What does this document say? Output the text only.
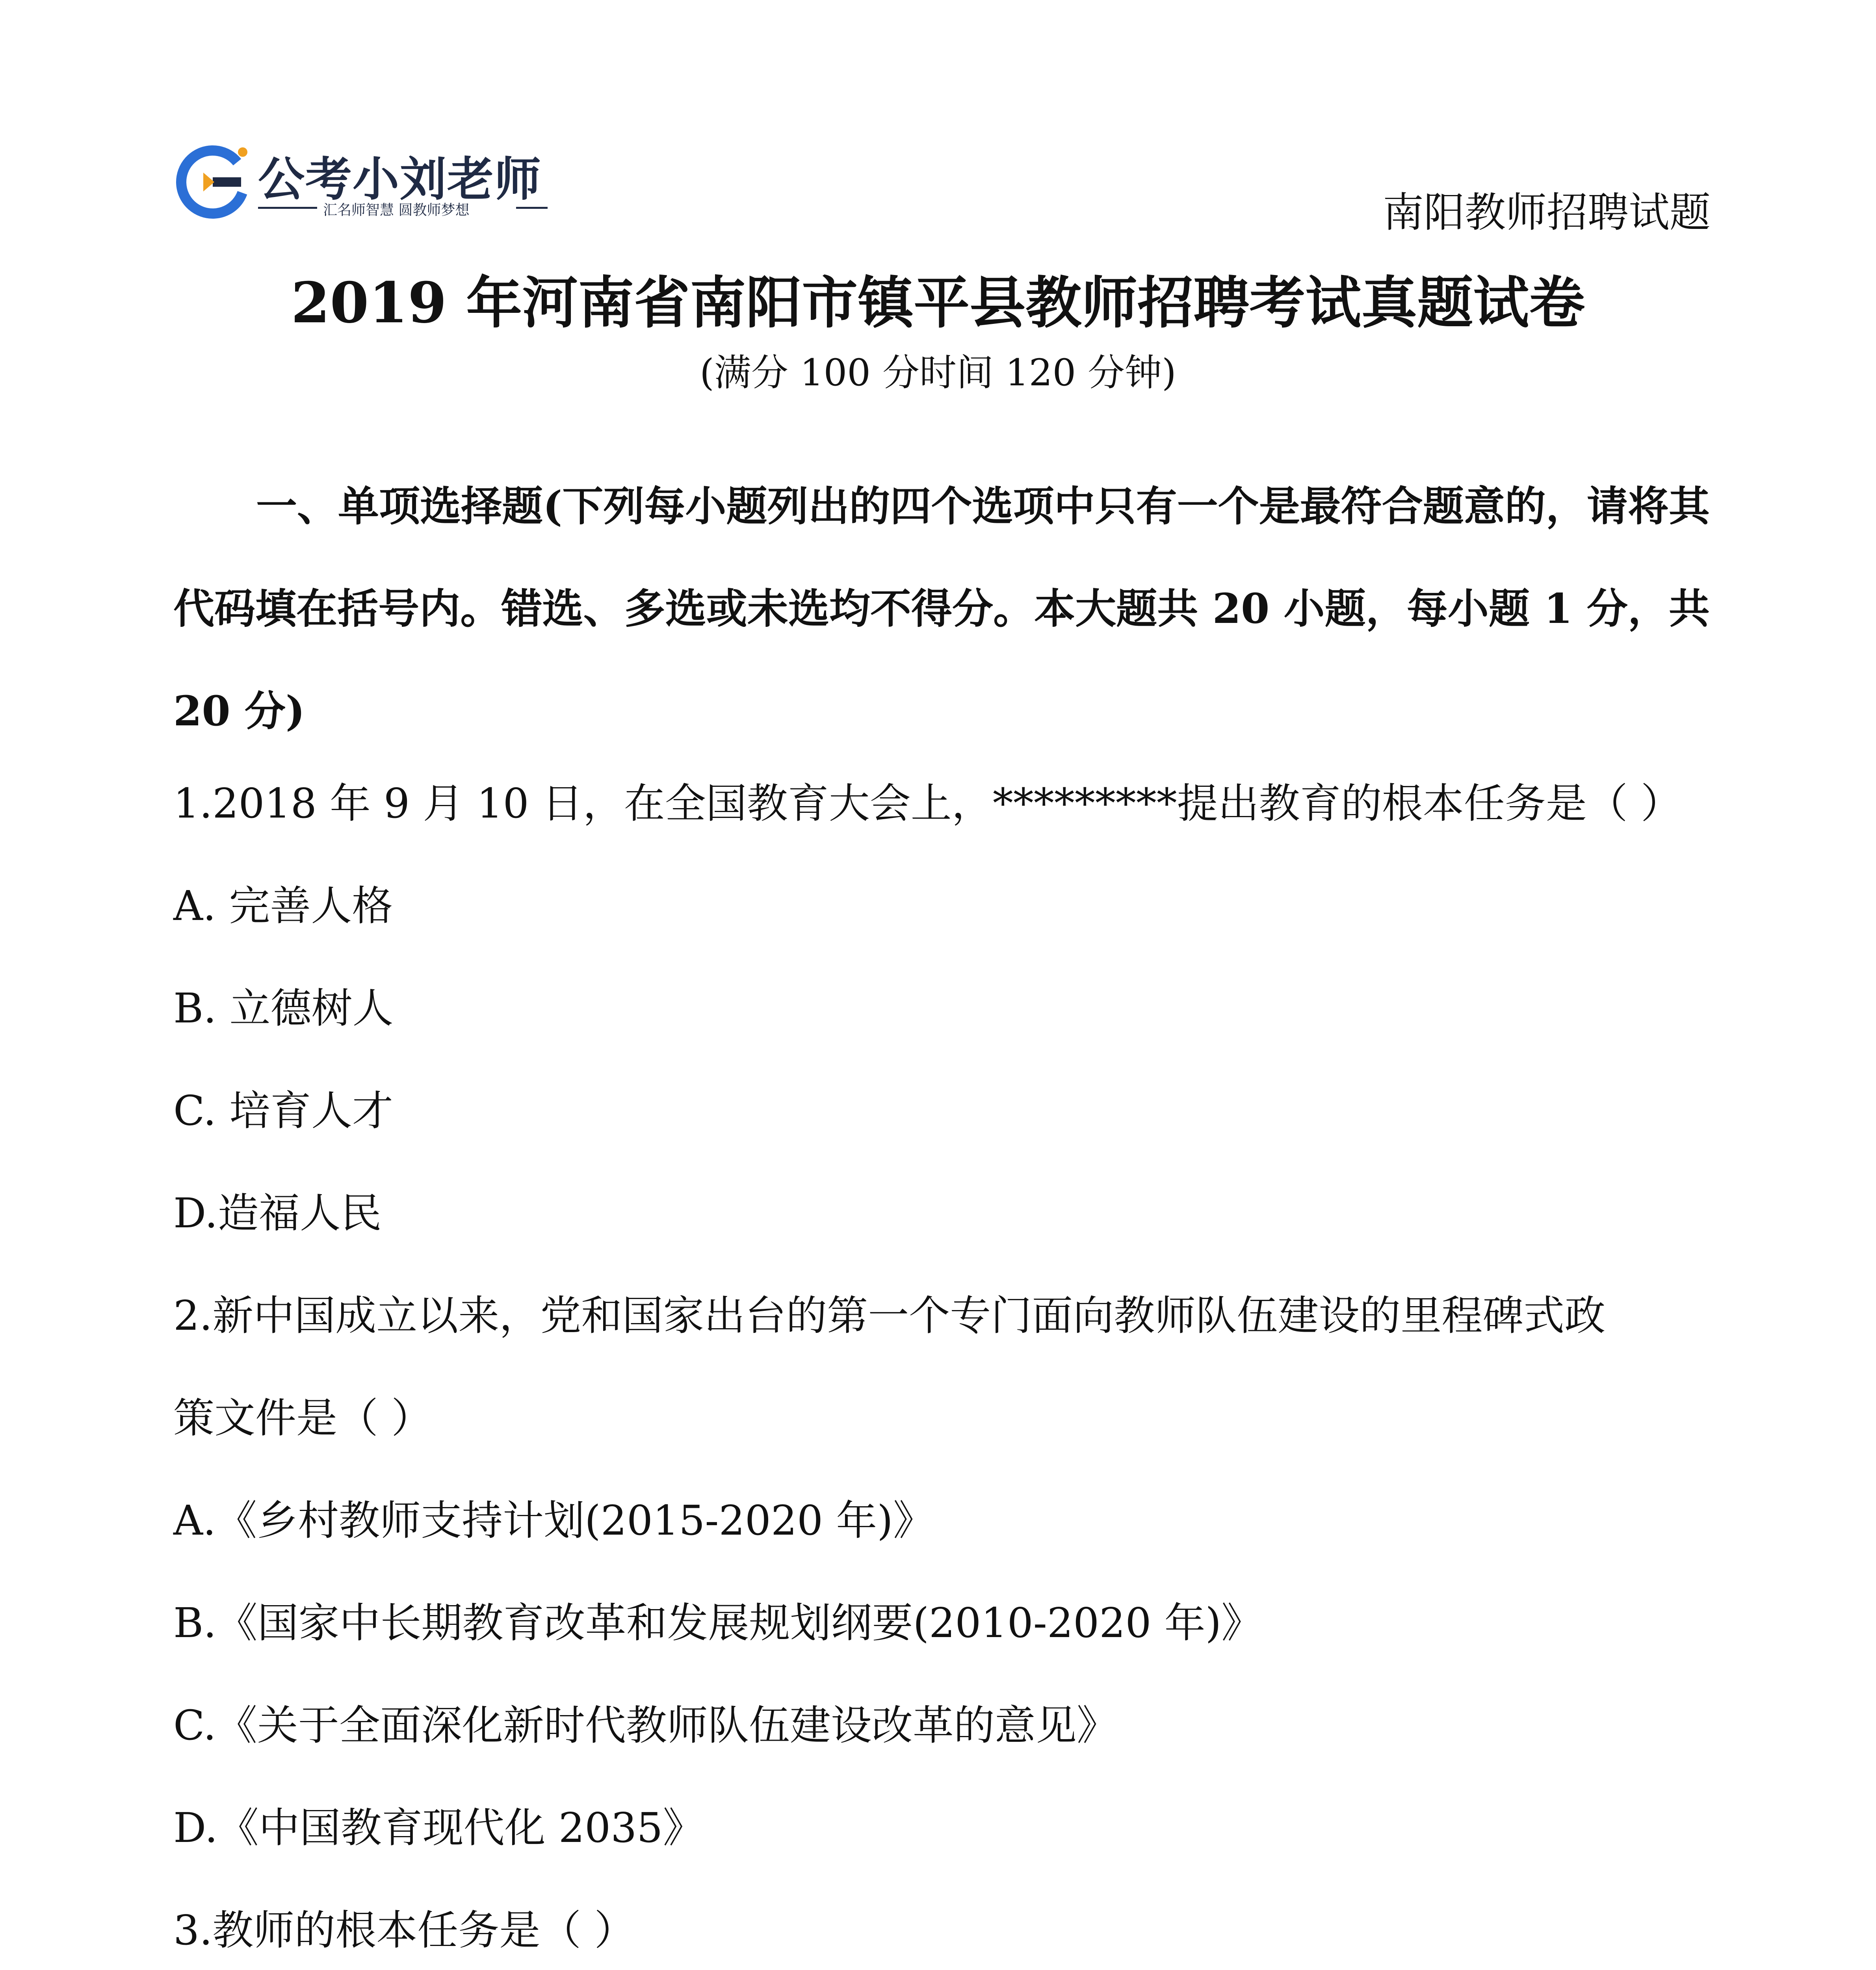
公考小刘老师
汇名师智慧 圆教师梦想	南阳教师招聘试题
2019 年河南省南阳市镇平县教师招聘考试真题试卷
(满分 100 分时间 120 分钟)

一、单项选择题(下列每小题列出的四个选项中只有一个是最符合题意的，请将其代码填在括号内。错选、多选或未选均不得分。本大题共 20 小题，每小题 1 分，共 20 分)

1.2018 年 9 月 10 日，在全国教育大会上，*********提出教育的根本任务是（ ）

A. 完善人格

B. 立德树人

C. 培育人才

D.造福人民

2.新中国成立以来，党和国家出台的第一个专门面向教师队伍建设的里程碑式政

策文件是（ ）

A.《乡村教师支持计划(2015-2020 年)》

B.《国家中长期教育改革和发展规划纲要(2010-2020 年)》

C.《关于全面深化新时代教师队伍建设改革的意见》

D.《中国教育现代化 2035》

3.教师的根本任务是（ ）
